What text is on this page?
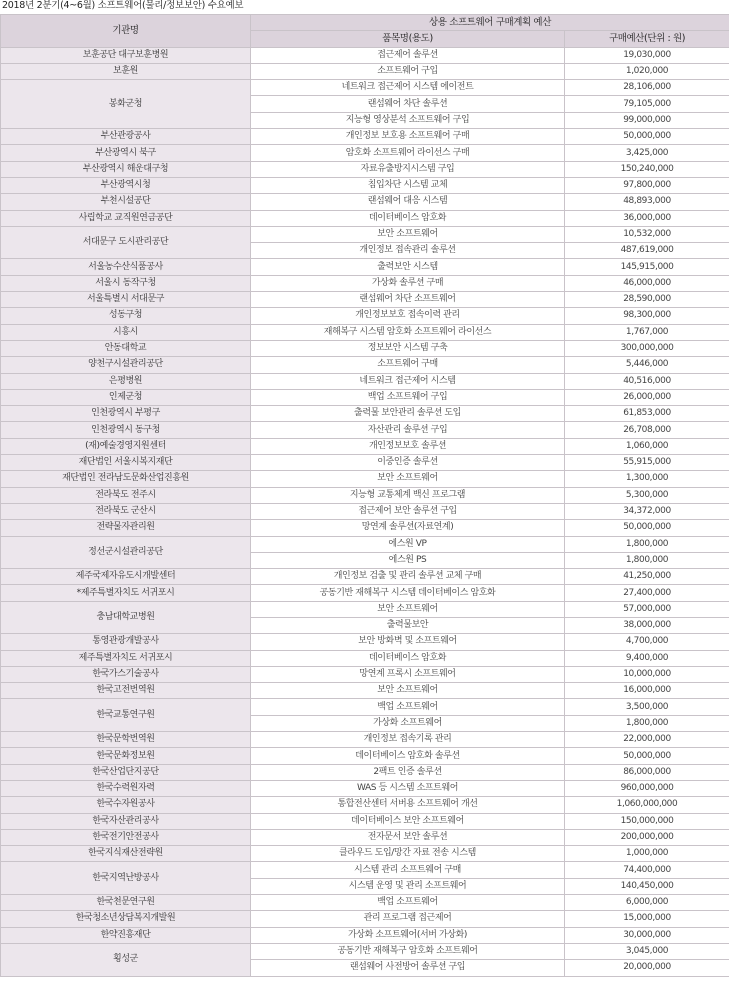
2018년 2분기(4~6월) 소프트웨어(물리/정보보안) 수요예보
기관명	상용 소프트웨어 구매계획 예산	
	품목명(용도)	구매예산(단위 : 원)
보훈공단 대구보훈병원	접근제어 솔루션	19,030,000
보훈원	소프트웨어 구입	1,020,000
봉화군청	네트워크 접근제어 시스템 에이전트	28,106,000
	랜섬웨어 차단 솔루션	79,105,000
	지능형 영상분석 소프트웨어 구입	99,000,000
부산관광공사	개인정보 보호용 소프트웨어 구매	50,000,000
부산광역시 북구	암호화 소프트웨어 라이선스 구매	3,425,000
부산광역시 해운대구청	자료유출방지시스템 구입	150,240,000
부산광역시청	침입차단 시스템 교체	97,800,000
부천시설공단	랜섬웨어 대응 시스템	48,893,000
사립학교 교직원연금공단	데이터베이스 암호화	36,000,000
서대문구 도시관리공단	보안 소프트웨어	10,532,000
	개인정보 접속관리 솔루션	487,619,000
서울농수산식품공사	출력보안 시스템	145,915,000
서울시 동작구청	가상화 솔루션 구매	46,000,000
서울특별시 서대문구	랜섬웨어 차단 소프트웨어	28,590,000
성동구청	개인정보보호 접속이력 관리	98,300,000
시흥시	재해복구 시스템 암호화 소프트웨어 라이선스	1,767,000
안동대학교	정보보안 시스템 구축	300,000,000
양천구시설관리공단	소프트웨어 구매	5,446,000
은평병원	네트워크 접근제어 시스템	40,516,000
인제군청	백업 소프트웨어 구입	26,000,000
인천광역시 부평구	출력물 보안관리 솔루션 도입	61,853,000
인천광역시 동구청	자산관리 솔루션 구입	26,708,000
(재)예술경영지원센터	개인정보보호 솔루션	1,060,000
재단법인 서울시복지재단	이중인증 솔루션	55,915,000
재단법인 전라남도문화산업진흥원	보안 소프트웨어	1,300,000
전라북도 전주시	지능형 교통체계 백신 프로그램	5,300,000
전라북도 군산시	접근제어 보안 솔루션 구입	34,372,000
전략물자관리원	망연계 솔루션(자료연계)	50,000,000
정선군시설관리공단	에스원 VP	1,800,000
	에스원 PS	1,800,000
제주국제자유도시개발센터	개인정보 검출 및 관리 솔루션 교체 구매	41,250,000
*제주특별자치도 서귀포시	공동기반 재해복구 시스템 데이터베이스 암호화	27,400,000
충남대학교병원	보안 소프트웨어	57,000,000
	출력물보안	38,000,000
통영관광개발공사	보안 방화벽 및 소프트웨어	4,700,000
제주특별자치도 서귀포시	데이터베이스 암호화	9,400,000
한국가스기술공사	망연계 프록시 소프트웨어	10,000,000
한국고전번역원	보안 소프트웨어	16,000,000
한국교통연구원	백업 소프트웨어	3,500,000
	가상화 소프트웨어	1,800,000
한국문학번역원	개인정보 접속기록 관리	22,000,000
한국문화정보원	데이터베이스 암호화 솔루션	50,000,000
한국산업단지공단	2팩트 인증 솔루션	86,000,000
한국수력원자력	WAS 등 시스템 소프트웨어	960,000,000
한국수자원공사	통합전산센터 서버용 소프트웨어 개선	1,060,000,000
한국자산관리공사	데이터베이스 보안 소프트웨어	150,000,000
한국전기안전공사	전자문서 보안 솔루션	200,000,000
한국지식재산전략원	클라우드 도입/망간 자료 전송 시스템	1,000,000
한국지역난방공사	시스템 관리 소프트웨어 구매	74,400,000
	시스템 운영 및 관리 소프트웨어	140,450,000
한국천문연구원	백업 소프트웨어	6,000,000
한국청소년상담복지개발원	관리 프로그램 접근제어	15,000,000
한약진흥재단	가상화 소프트웨어(서버 가상화)	30,000,000
횡성군	공동기반 재해복구 암호화 소프트웨어	3,045,000
	랜섬웨어 사전방어 솔루션 구입	20,000,000
